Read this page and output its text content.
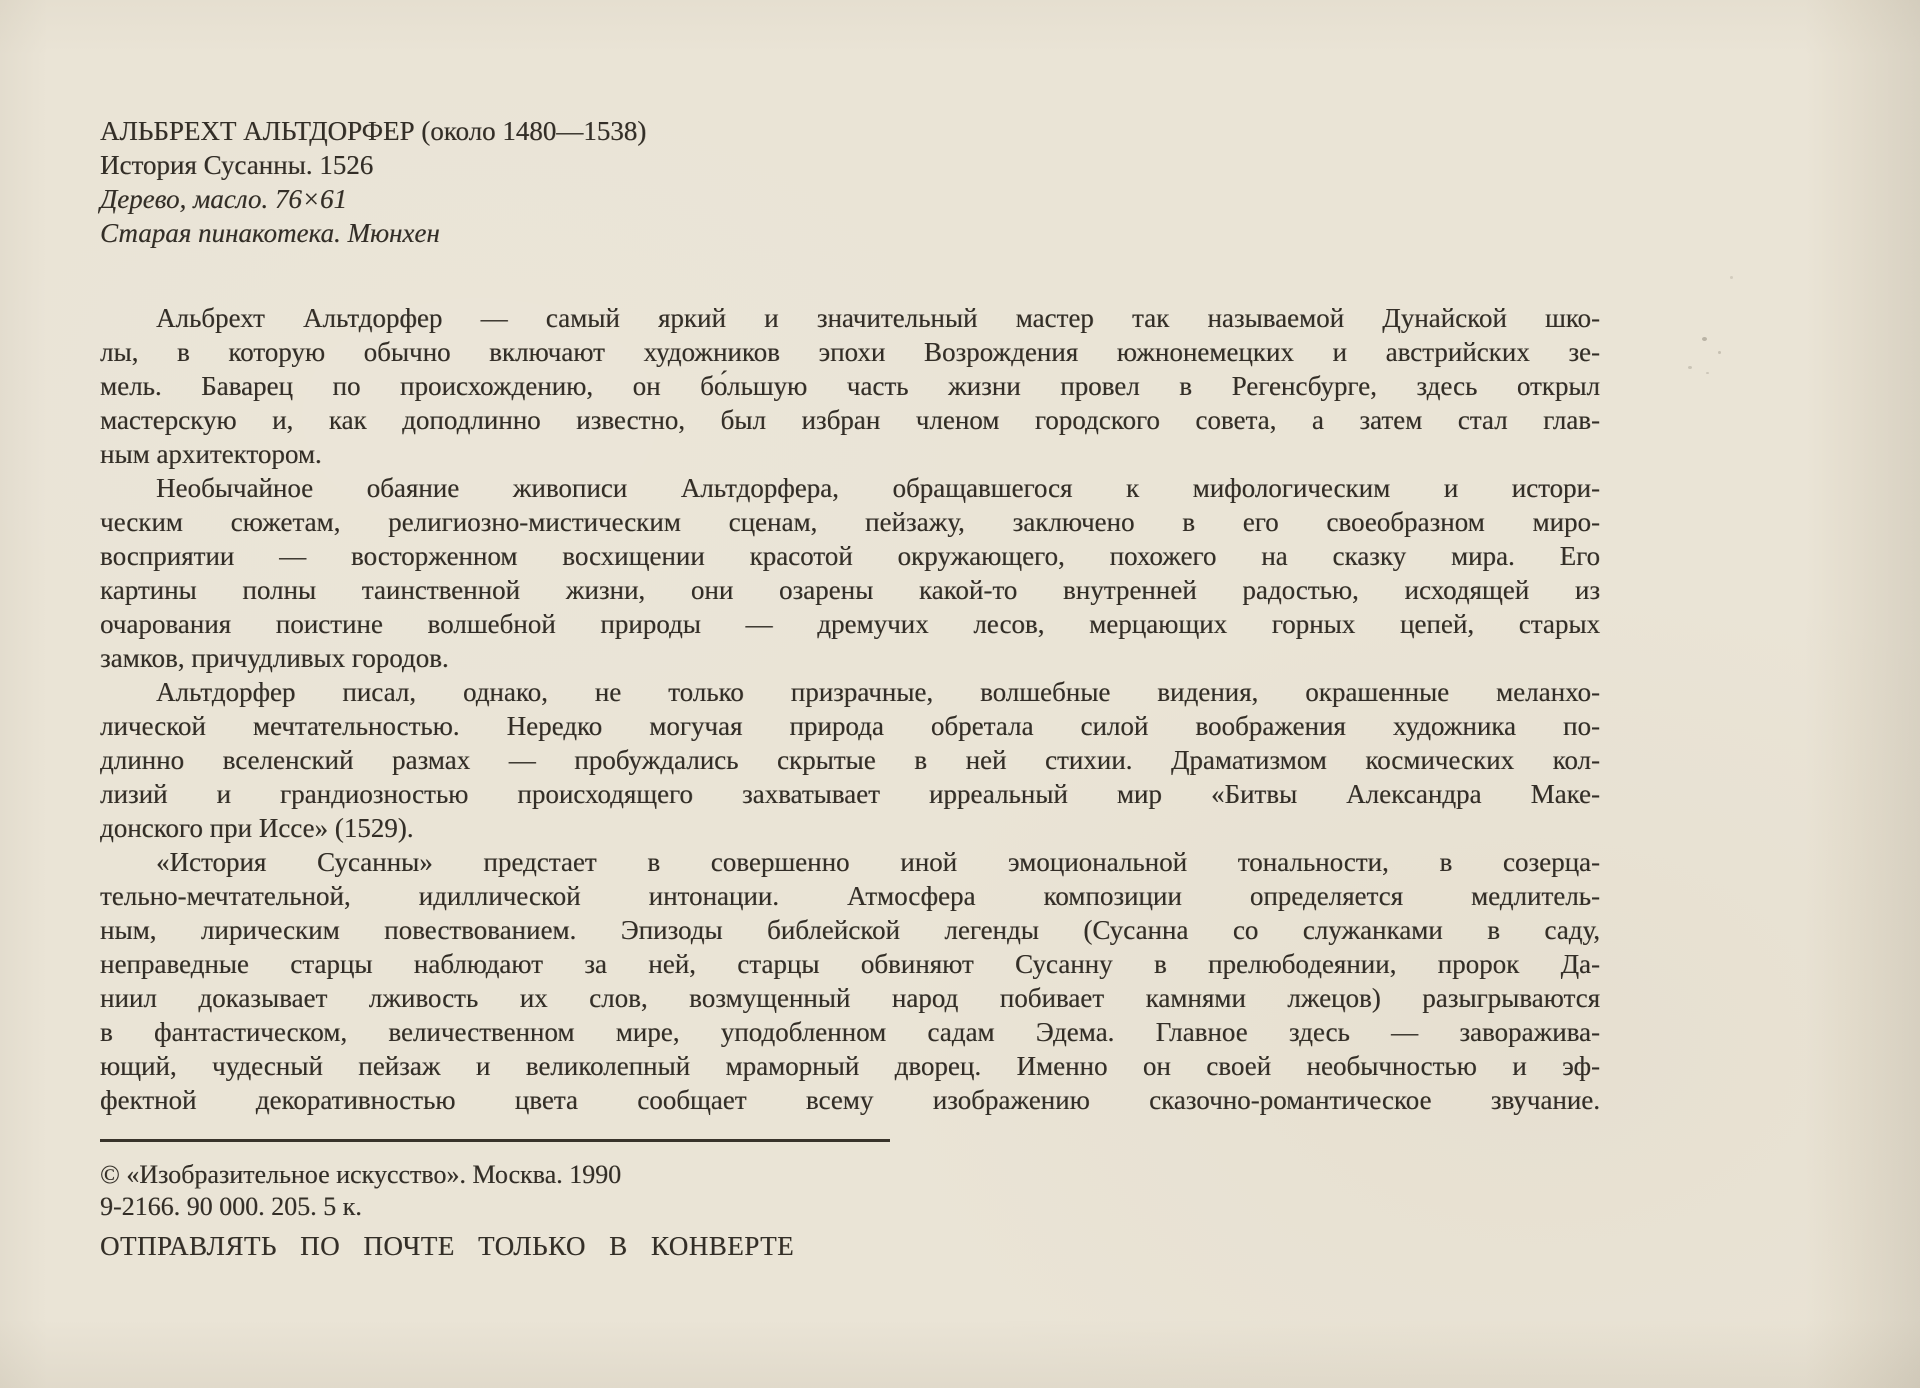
АЛЬБРЕХТ АЛЬТДОРФЕР (около 1480—1538)
История Сусанны. 1526
Дерево, масло. 76×61
Старая пинакотека. Мюнхен
Альбрехт Альтдорфер — самый яркий и значительный мастер так называемой Дунайской шко-
лы, в которую обычно включают художников эпохи Возрождения южнонемецких и австрийских зе-
мель. Баварец по происхождению, он бо́льшую часть жизни провел в Регенсбурге, здесь открыл
мастерскую и, как доподлинно известно, был избран членом городского совета, а затем стал глав-
ным архитектором.
Необычайное обаяние живописи Альтдорфера, обращавшегося к мифологическим и истори-
ческим сюжетам, религиозно-мистическим сценам, пейзажу, заключено в его своеобразном миро-
восприятии — восторженном восхищении красотой окружающего, похожего на сказку мира. Его
картины полны таинственной жизни, они озарены какой-то внутренней радостью, исходящей из
очарования поистине волшебной природы — дремучих лесов, мерцающих горных цепей, старых
замков, причудливых городов.
Альтдорфер писал, однако, не только призрачные, волшебные видения, окрашенные меланхо-
лической мечтательностью. Нередко могучая природа обретала силой воображения художника по-
длинно вселенский размах — пробуждались скрытые в ней стихии. Драматизмом космических кол-
лизий и грандиозностью происходящего захватывает ирреальный мир «Битвы Александра Маке-
донского при Иссе» (1529).
«История Сусанны» предстает в совершенно иной эмоциональной тональности, в созерца-
тельно-мечтательной, идиллической интонации. Атмосфера композиции определяется медлитель-
ным, лирическим повествованием. Эпизоды библейской легенды (Сусанна со служанками в саду,
неправедные старцы наблюдают за ней, старцы обвиняют Сусанну в прелюбодеянии, пророк Да-
ниил доказывает лживость их слов, возмущенный народ побивает камнями лжецов) разыгрываются
в фантастическом, величественном мире, уподобленном садам Эдема. Главное здесь — заворажива-
ющий, чудесный пейзаж и великолепный мраморный дворец. Именно он своей необычностью и эф-
фектной декоративностью цвета сообщает всему изображению сказочно-романтическое звучание.
© «Изобразительное искусство». Москва. 1990
9-2166. 90 000. 205. 5 к.
ОТПРАВЛЯТЬ ПО ПОЧТЕ ТОЛЬКО В КОНВЕРТЕ
